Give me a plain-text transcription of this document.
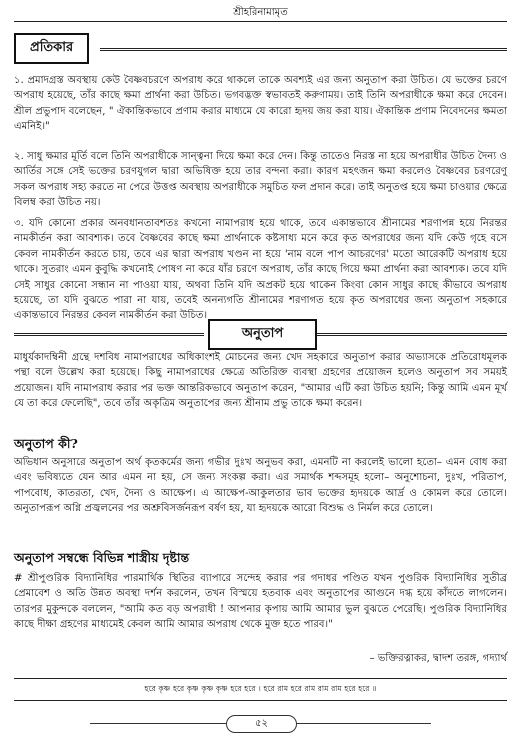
শ্রীহরিনামামৃত
প্রতিকার

১. প্রমাদগ্রস্ত অবস্থায় কেউ বৈষ্ণবচরণে অপরাধ করে থাকলে তাকে অবশ্যই এর জন্য অনুতাপ করা উচিত। যে ভক্তের চরণে অপরাধ হয়েছে, তাঁর কাছে ক্ষমা প্রার্থনা করা উচিত। ভগবদ্ভক্ত স্বভাবতই করুণাময়। তাই তিনি অপরাধীকে ক্ষমা করে দেবেন। শ্রীল প্রভুপাদ বলেছেন, " ঐকান্তিকভাবে প্রণাম করার মাধ্যমে যে কারো হৃদয় জয় করা যায়। ঐকান্তিক প্রণাম নিবেদনের ক্ষমতা এমনিই।"

২. সাধু ক্ষমার মূর্তি বলে তিনি অপরাধীকে সান্ত্বনা দিয়ে ক্ষমা করে দেন। কিন্তু তাতেও নিরস্ত না হয়ে অপরাধীর উচিত দৈন্য ও আর্তির সঙ্গে সেই ভক্তের চরণযুগল দ্বারা অভিষিক্ত হয়ে তার বন্দনা করা। কারণ মহৎজন ক্ষমা করলেও বৈষ্ণবের চরণরেণু সকল অপরাধ সহ্য করতে না পেরে উত্তপ্ত অবস্থায় অপরাধীকে সমুচিত ফল প্রদান করে। তাই অনুতপ্ত হয়ে ক্ষমা চাওয়ার ক্ষেত্রে বিলম্ব করা উচিত নয়।

৩. যদি কোনো প্রকার অনবধানতাবশতঃ কখনো নামাপরাধ হয়ে থাকে, তবে একান্তভাবে শ্রীনামের শরণাপন্ন হয়ে নিরন্তর নামকীর্তন করা আবশ্যক। তবে বৈষ্ণবের কাছে ক্ষমা প্রার্থনাকে কষ্টসাধ্য মনে করে কৃত অপরাধের জন্য যদি কেউ গৃহে বসে কেবল নামকীর্তন করতে চায়, তবে এর দ্বারা অপরাধ খণ্ডন না হয়ে 'নাম বলে পাপ আচরণের' মতো আরেকটি অপরাধ হয়ে থাকে। সুতরাং এমন কুবুদ্ধি কখনোই পোষণ না করে যাঁর চরণে অপরাধ, তাঁর কাছে গিয়ে ক্ষমা প্রার্থনা করা আবশ্যক। তবে যদি সেই সাধুর কোনো সন্ধান না পাওয়া যায়, অথবা তিনি যদি অপ্রকট হয়ে থাকেন কিংবা কোন সাধুর কাছে কীভাবে অপরাধ হয়েছে, তা যদি বুঝতে পারা না যায়, তবেই অনন্যগতি শ্রীনামের শরণাগত হয়ে কৃত অপরাধের জন্য অনুতাপ সহকারে একান্তভাবে নিরন্তর কেবল নামকীর্তন করা উচিত।

অনুতাপ

মাধুর্যকাদম্বিনী গ্রন্থে দশবিধ নামাপরাধের অধিকাংশই মোচনের জন্য খেদ সহকারে অনুতাপ করার অভ্যাসকে প্রতিরোধমূলক পন্থা বলে উল্লেখ করা হয়েছে। কিছু নামাপরাধের ক্ষেত্রে অতিরিক্ত ব্যবস্থা গ্রহণের প্রয়োজন হলেও অনুতাপ সব সময়ই প্রয়োজন। যদি নামাপরাধ করার পর ভক্ত আন্তরিকভাবে অনুতাপ করেন, "আমার এটি করা উচিত হয়নি; কিন্তু আমি এমন মূর্খ যে তা করে ফেলেছি", তবে তাঁর অকৃত্রিম অনুতাপের জন্য শ্রীনাম প্রভু তাকে ক্ষমা করেন।

অনুতাপ কী?

অভিধান অনুসারে অনুতাপ অর্থ কৃতকর্মের জন্য গভীর দুঃখ অনুভব করা, এমনটি না করলেই ভালো হতো– এমন বোধ করা এবং ভবিষ্যতে যেন আর এমন না হয়, সে জন্য সংকল্প করা। এর সমার্থক শব্দসমূহ হলো– অনুশোচনা, দুঃখ, পরিতাপ, পাপবোধ, কাতরতা, খেদ, দৈন্য ও আক্ষেপ। এ আক্ষেপ-আকুলতার ভাব ভক্তের হৃদয়কে আর্দ্র ও কোমল করে তোলে। অনুতাপরূপ অগ্নি প্রজ্বলনের পর অশ্রুবিসর্জনরূপ বর্ষণ হয়, যা হৃদয়কে আরো বিশুদ্ধ ও নির্মল করে তোলে।

অনুতাপ সম্বন্ধে বিভিন্ন শাস্ত্রীয় দৃষ্টান্ত

# শ্রীপুণ্ডরিক বিদ্যানিধির পারমার্থিক স্থিতির ব্যাপারে সন্দেহ করার পর গদাধর পণ্ডিত যখন পুণ্ডরিক বিদ্যানিধির সুতীব্র প্রেমাবেশ ও অতি উন্নত অবস্থা দর্শন করলেন, তখন বিস্ময়ে হতবাক এবং অনুতাপের আগুনে দগ্ধ হয়ে কাঁদতে লাগলেন। তারপর মুকুন্দকে বললেন, "আমি কত বড় অপরাধী ! আপনার কৃপায় আমি আমার ভুল বুঝতে পেরেছি। পুণ্ডরিক বিদ্যানিধির কাছে দীক্ষা গ্রহণের মাধ্যমেই কেবল আমি আমার অপরাধ থেকে মুক্ত হতে পারব।"

– ভক্তিরত্নাকর, দ্বাদশ তরঙ্গ, গদ্যার্থ
হরে কৃষ্ণ হরে কৃষ্ণ কৃষ্ণ কৃষ্ণ হরে হরে । হরে রাম হরে রাম রাম রাম হরে হরে ॥
৫২
